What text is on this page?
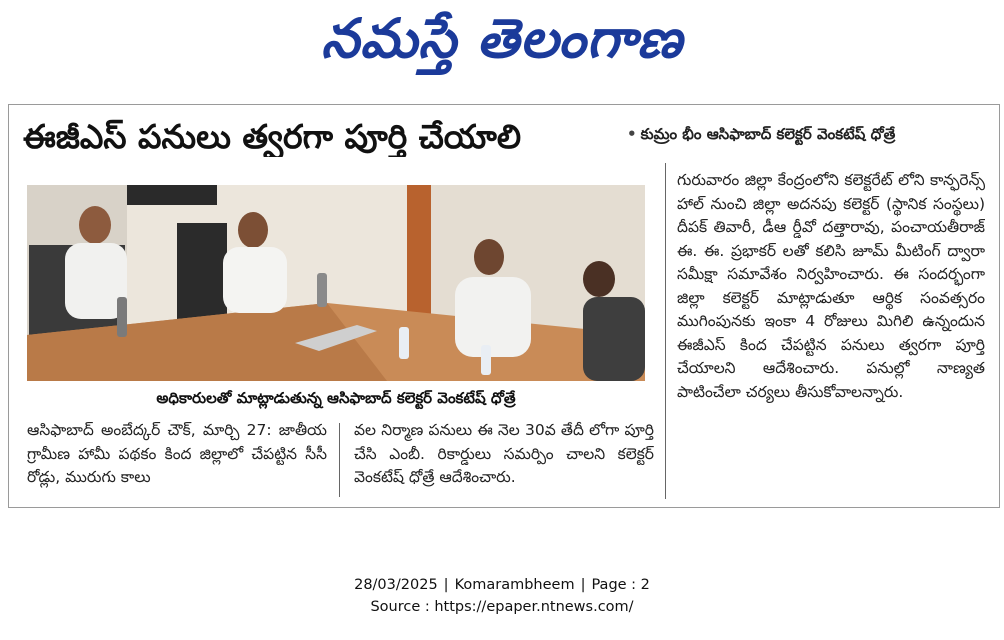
నమస్తే తెలంగాణ
ఈజీఎస్ పనులు త్వరగా పూర్తి చేయాలి	• కుమ్రం భీం ఆసిఫాబాద్ కలెక్టర్ వెంకటేష్ ధోత్రే
అధికారులతో మాట్లాడుతున్న ఆసిఫాబాద్ కలెక్టర్ వెంకటేష్ ధోత్రే
ఆసిఫాబాద్ అంబేద్కర్ చౌక్, మార్చి 27: జాతీయ గ్రామీణ హామీ పథకం కింద జిల్లాలో చేపట్టిన సీసీ రోడ్లు, మురుగు కాలు
వల నిర్మాణ పనులు ఈ నెల 30వ తేదీ లోగా పూర్తి చేసి ఎంబీ. రికార్డులు సమర్పిం చాలని కలెక్టర్ వెంకటేష్ ధోత్రే ఆదేశించారు.
గురువారం జిల్లా కేంద్రంలోని కలెక్టరేట్ లోని కాన్ఫరెన్స్ హాల్ నుంచి జిల్లా అదనపు కలెక్టర్ (స్థానిక సంస్థలు) దీపక్ తివారీ, డీఆ ర్డీవో దత్తారావు, పంచాయతీరాజ్ ఈ. ఈ. ప్రభాకర్ లతో కలిసి జూమ్ మీటింగ్ ద్వారా సమీక్షా సమావేశం నిర్వహించారు. ఈ సందర్భంగా జిల్లా కలెక్టర్ మాట్లాడుతూ ఆర్థిక సంవత్సరం ముగింపునకు ఇంకా 4 రోజులు మిగిలి ఉన్నందున ఈజీఎస్ కింద చేపట్టిన పనులు త్వరగా పూర్తి చేయాలని ఆదేశించారు. పనుల్లో నాణ్యత పాటించేలా చర్యలు తీసుకోవాలన్నారు.
28/03/2025 | Komarambheem | Page : 2
Source : https://epaper.ntnews.com/
